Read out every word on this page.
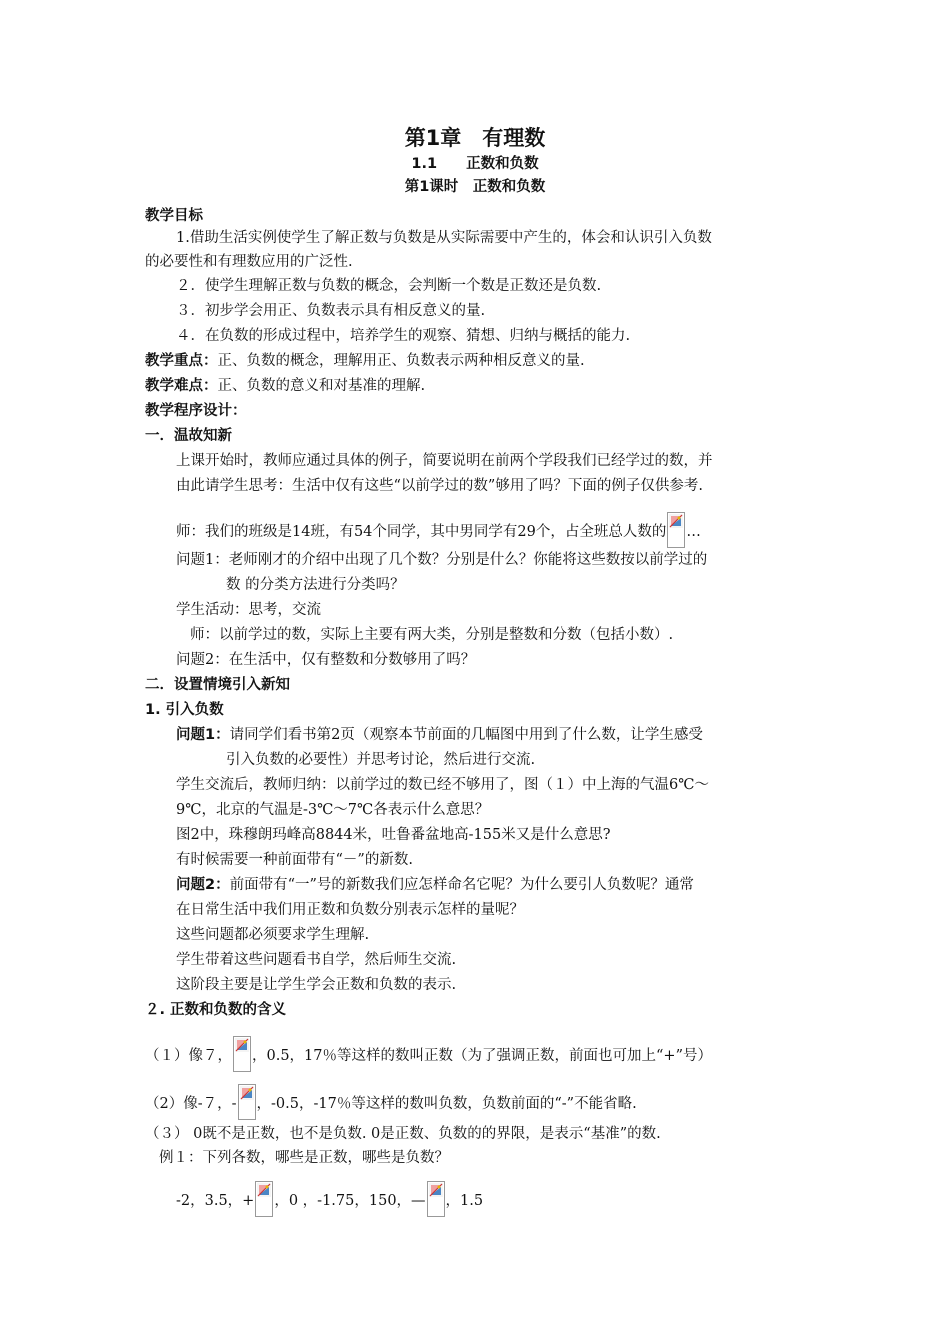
第1章　有理数
1.1　　正数和负数
第1课时　正数和负数
教学目标
1.借助生活实例使学生了解正数与负数是从实际需要中产生的，体会和认识引入负数
的必要性和有理数应用的广泛性.
２．使学生理解正数与负数的概念，会判断一个数是正数还是负数.
３．初步学会用正、负数表示具有相反意义的量.
４．在负数的形成过程中，培养学生的观察、猜想、归纳与概括的能力.
教学重点：正、负数的概念，理解用正、负数表示两种相反意义的量.
教学难点：正、负数的意义和对基准的理解.
教学程序设计：
一．温故知新
上课开始时，教师应通过具体的例子，简要说明在前两个学段我们已经学过的数，并
由此请学生思考：生活中仅有这些“以前学过的数”够用了吗？下面的例子仅供参考.
师：我们的班级是14班，有54个同学，其中男同学有29个，占全班总人数的 …
问题1：老师刚才的介绍中出现了几个数？分别是什么？你能将这些数按以前学过的
数 的分类方法进行分类吗？
学生活动：思考，交流
师：以前学过的数，实际上主要有两大类，分别是整数和分数（包括小数）.
问题2：在生活中，仅有整数和分数够用了吗？
二．设置情境引入新知
1. 引入负数
问题1：请同学们看书第2页（观察本节前面的几幅图中用到了什么数，让学生感受
引入负数的必要性）并思考讨论，然后进行交流.
学生交流后，教师归纳：以前学过的数已经不够用了，图（１）中上海的气温6℃～
9℃，北京的气温是-3℃～7℃各表示什么意思？
图2中，珠穆朗玛峰高8844米，吐鲁番盆地高-155米又是什么意思?
有时候需要一种前面带有“－”的新数.
问题2：前面带有“一”号的新数我们应怎样命名它呢？为什么要引人负数呢？通常
在日常生活中我们用正数和负数分别表示怎样的量呢？
这些问题都必须要求学生理解.
学生带着这些问题看书自学，然后师生交流.
这阶段主要是让学生学会正数和负数的表示.
２. 正数和负数的含义
（１）像７， ，0.5，17％等这样的数叫正数（为了强调正数，前面也可加上“+”号）
（2）像-７，- ，-0.5，-17％等这样的数叫负数，负数前面的“-”不能省略.
（３） 0既不是正数，也不是负数. 0是正数、负数的的界限，是表示“基准”的数.
例１：下列各数，哪些是正数，哪些是负数？
-2，3.5，+ ，0 ，-1.75，150，— ，1.5
